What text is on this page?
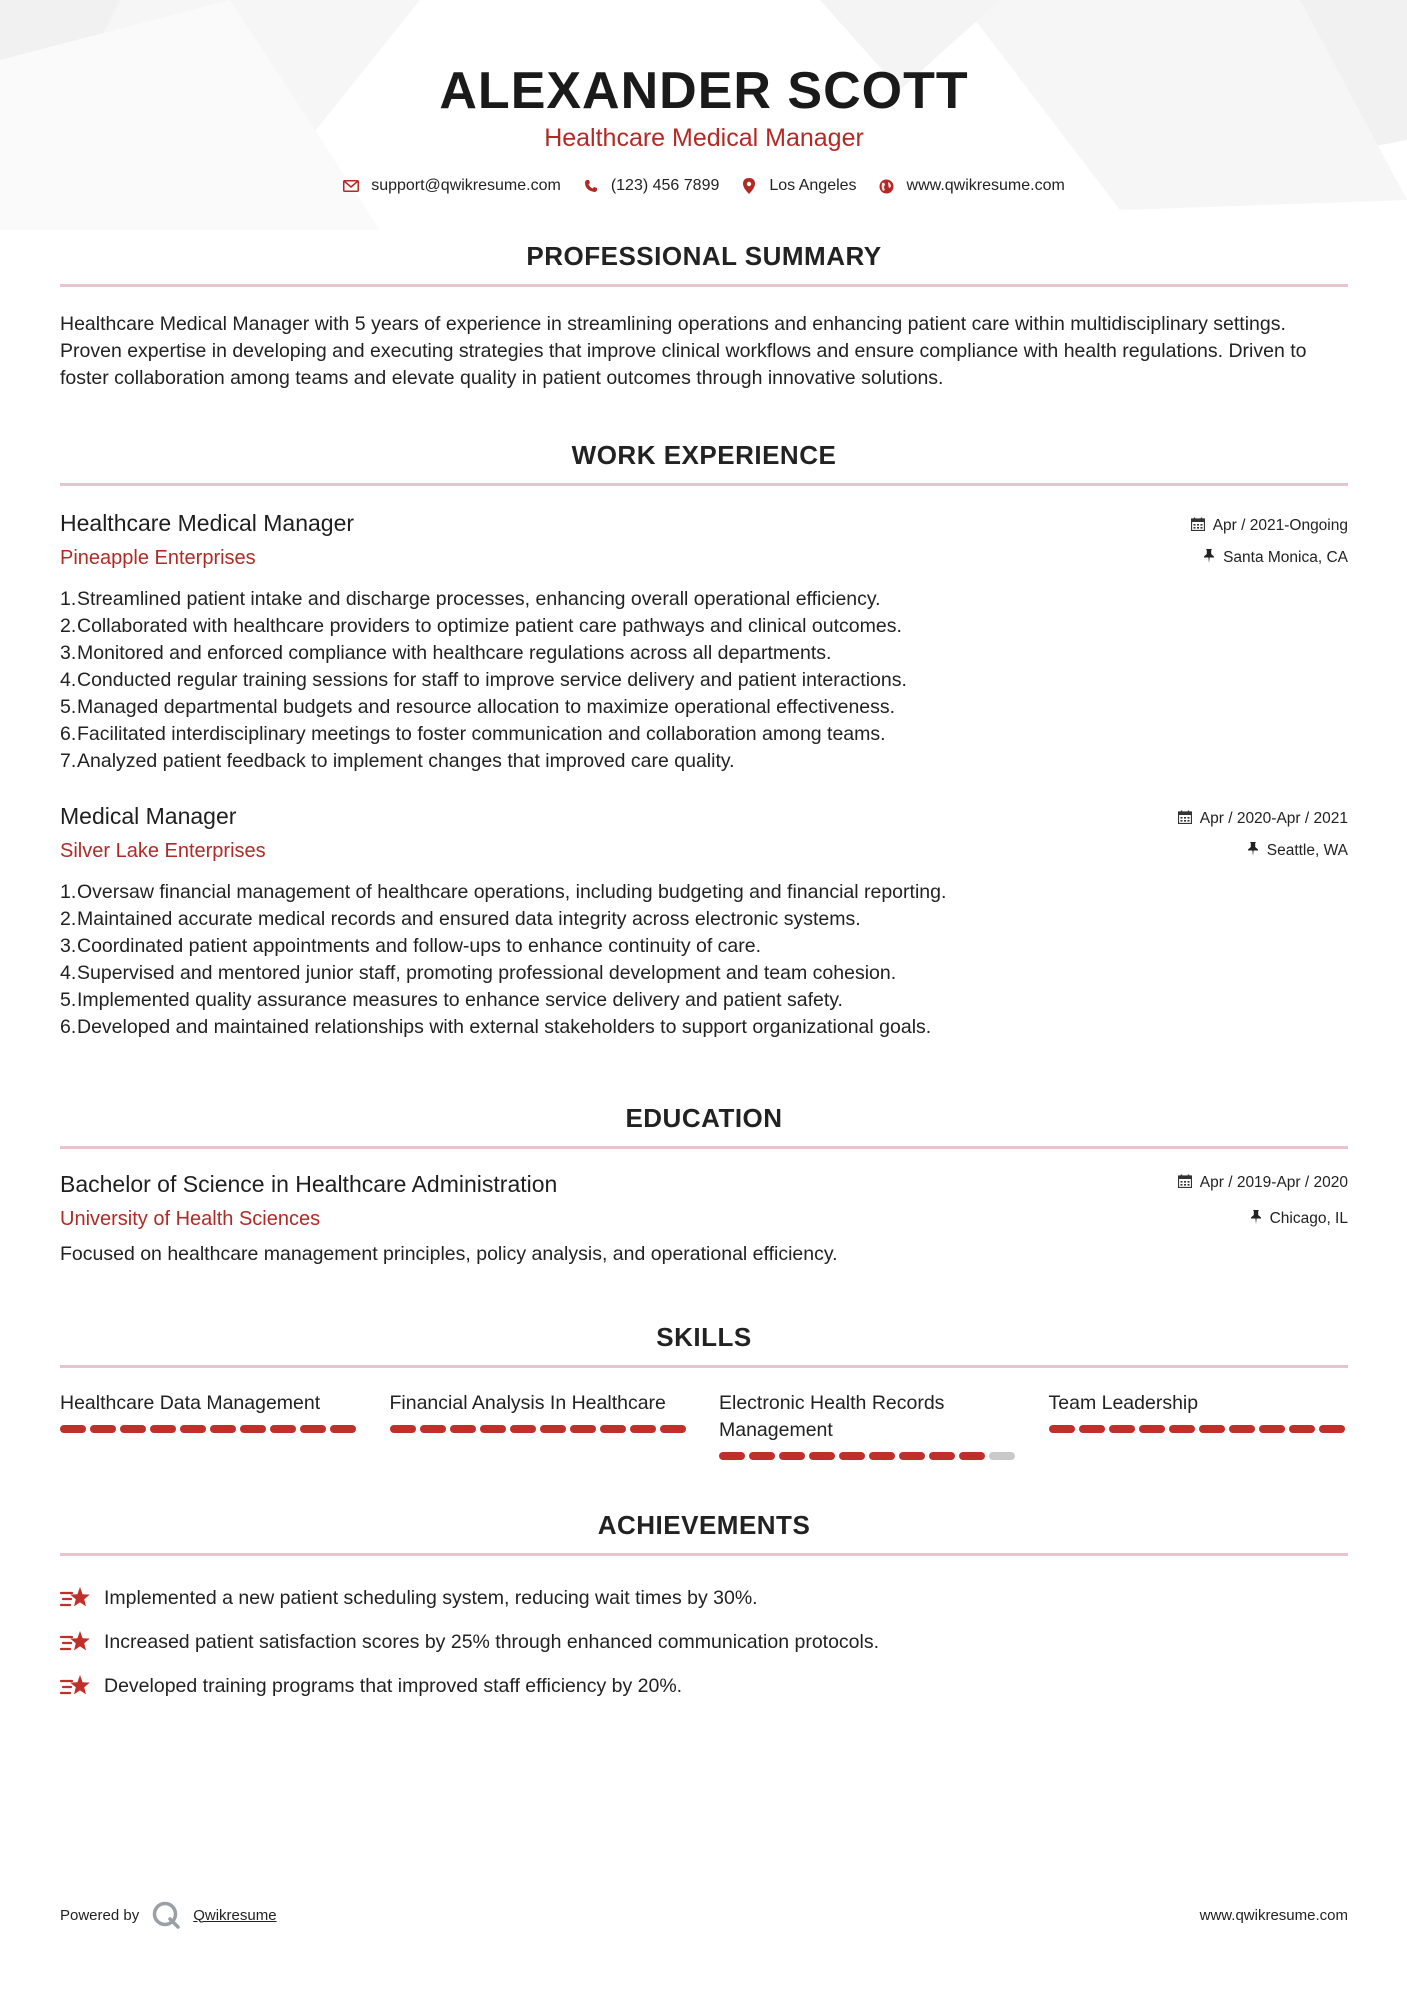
ALEXANDER SCOTT
Healthcare Medical Manager
support@qwikresume.com	(123) 456 7899	Los Angeles	www.qwikresume.com
PROFESSIONAL SUMMARY
Healthcare Medical Manager with 5 years of experience in streamlining operations and enhancing patient care within multidisciplinary settings. Proven expertise in developing and executing strategies that improve clinical workflows and ensure compliance with health regulations. Driven to foster collaboration among teams and elevate quality in patient outcomes through innovative solutions.
WORK EXPERIENCE
Healthcare Medical Manager
Pineapple Enterprises
Apr / 2021-Ongoing
Santa Monica, CA
1. Streamlined patient intake and discharge processes, enhancing overall operational efficiency.
2. Collaborated with healthcare providers to optimize patient care pathways and clinical outcomes.
3. Monitored and enforced compliance with healthcare regulations across all departments.
4. Conducted regular training sessions for staff to improve service delivery and patient interactions.
5. Managed departmental budgets and resource allocation to maximize operational effectiveness.
6. Facilitated interdisciplinary meetings to foster communication and collaboration among teams.
7. Analyzed patient feedback to implement changes that improved care quality.
Medical Manager
Silver Lake Enterprises
Apr / 2020-Apr / 2021
Seattle, WA
1. Oversaw financial management of healthcare operations, including budgeting and financial reporting.
2. Maintained accurate medical records and ensured data integrity across electronic systems.
3. Coordinated patient appointments and follow-ups to enhance continuity of care.
4. Supervised and mentored junior staff, promoting professional development and team cohesion.
5. Implemented quality assurance measures to enhance service delivery and patient safety.
6. Developed and maintained relationships with external stakeholders to support organizational goals.
EDUCATION
Bachelor of Science in Healthcare Administration
University of Health Sciences
Apr / 2019-Apr / 2020
Chicago, IL
Focused on healthcare management principles, policy analysis, and operational efficiency.
SKILLS
Healthcare Data Management	Financial Analysis In Healthcare	Electronic Health Records Management
Team Leadership
ACHIEVEMENTS
Implemented a new patient scheduling system, reducing wait times by 30%.
Increased patient satisfaction scores by 25% through enhanced communication protocols.
Developed training programs that improved staff efficiency by 20%.
Powered by	Qwikresume	www.qwikresume.com
